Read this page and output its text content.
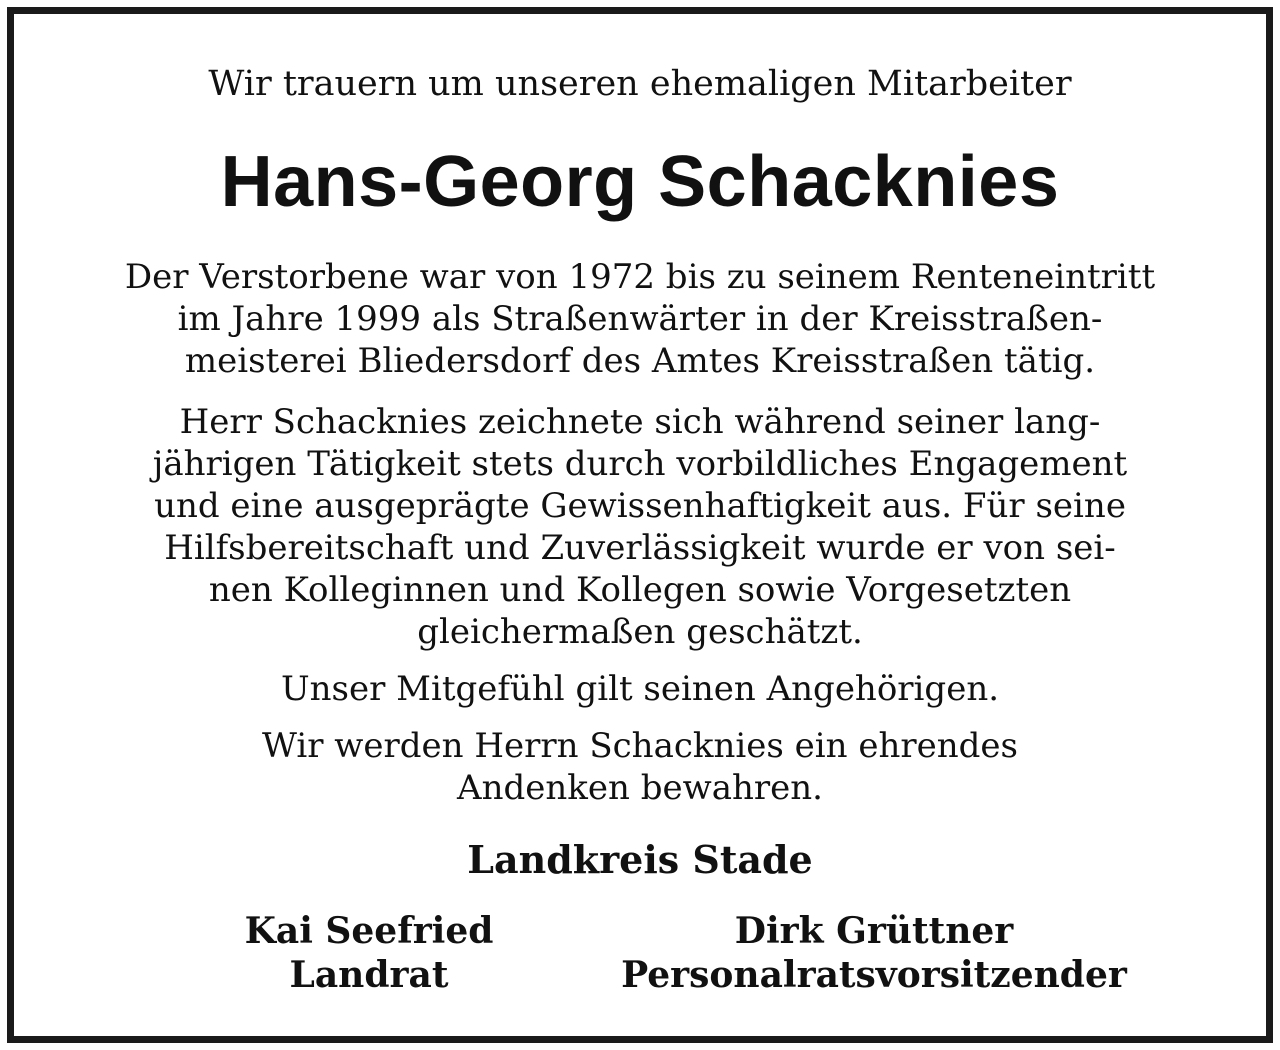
Wir trauern um unseren ehemaligen Mitarbeiter
Hans-Georg Schacknies
Der Verstorbene war von 1972 bis zu seinem Renteneintritt
im Jahre 1999 als Straßenwärter in der Kreisstraßen-
meisterei Bliedersdorf des Amtes Kreisstraßen tätig.
Herr Schacknies zeichnete sich während seiner lang-
jährigen Tätigkeit stets durch vorbildliches Engagement
und eine ausgeprägte Gewissenhaftigkeit aus. Für seine
Hilfsbereitschaft und Zuverlässigkeit wurde er von sei-
nen Kolleginnen und Kollegen sowie Vorgesetzten
gleichermaßen geschätzt.
Unser Mitgefühl gilt seinen Angehörigen.
Wir werden Herrn Schacknies ein ehrendes
Andenken bewahren.
Landkreis Stade
Kai Seefried
Landrat
Dirk Grüttner
Personalratsvorsitzender
